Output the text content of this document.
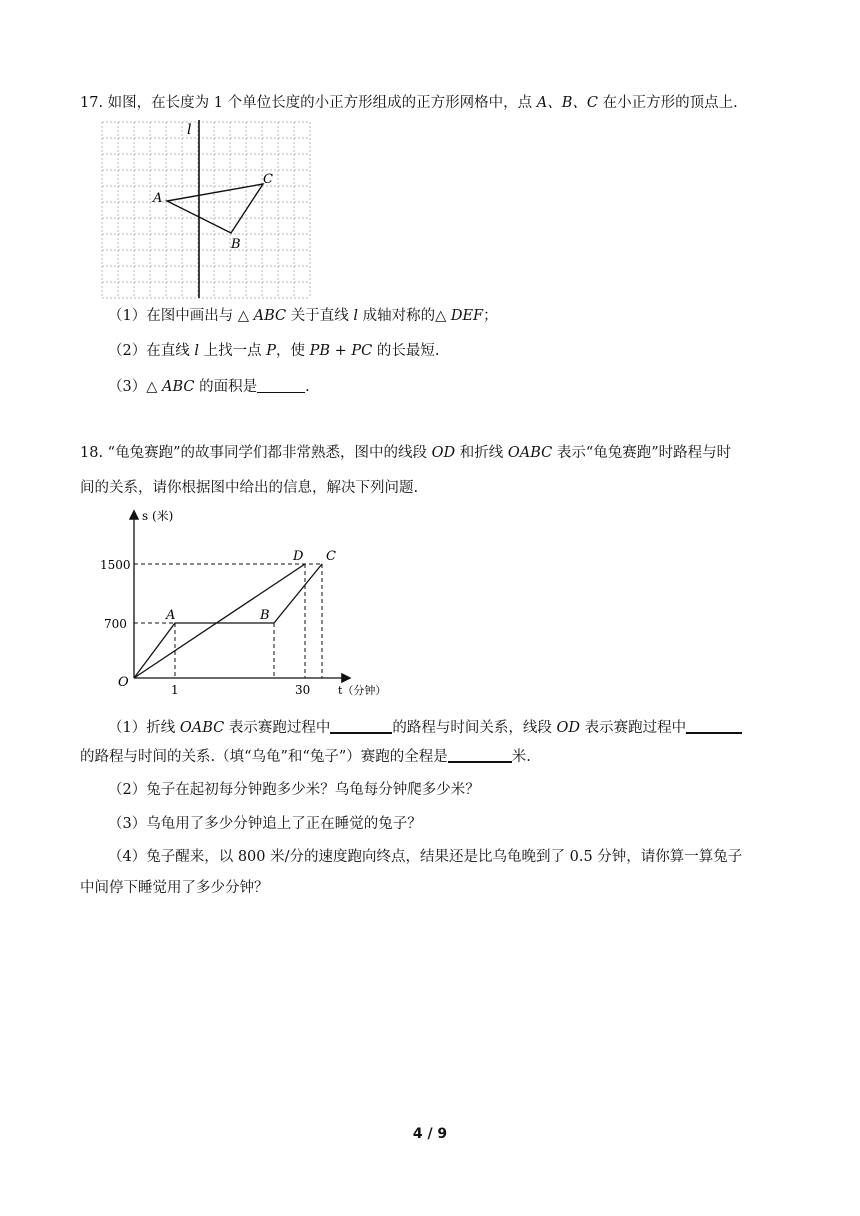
17. 如图，在长度为 1 个单位长度的小正方形组成的正方形网格中，点 A、B、C 在小正方形的顶点上.
l
A
C
B
（1）在图中画出与 △ ABC 关于直线 l 成轴对称的△ DEF；
（2）在直线 l 上找一点 P，使 PB + PC 的长最短.
（3）△ ABC 的面积是	.
18. “龟兔赛跑”的故事同学们都非常熟悉，图中的线段 OD 和折线 OABC 表示“龟兔赛跑”时路程与时
间的关系，请你根据图中给出的信息，解决下列问题.
s (米)
t（分钟）
1500
700
1	30
O
A	B
D C
（1）折线 OABC 表示赛跑过程中	的路程与时间关系，线段 OD 表示赛跑过程中
的路程与时间的关系.（填“乌龟”和“兔子”）赛跑的全程是	米.
（2）兔子在起初每分钟跑多少米？乌龟每分钟爬多少米？
（3）乌龟用了多少分钟追上了正在睡觉的兔子？
（4）兔子醒来，以 800 米/分的速度跑向终点，结果还是比乌龟晚到了 0.5 分钟，请你算一算兔子
中间停下睡觉用了多少分钟？
4 / 9
